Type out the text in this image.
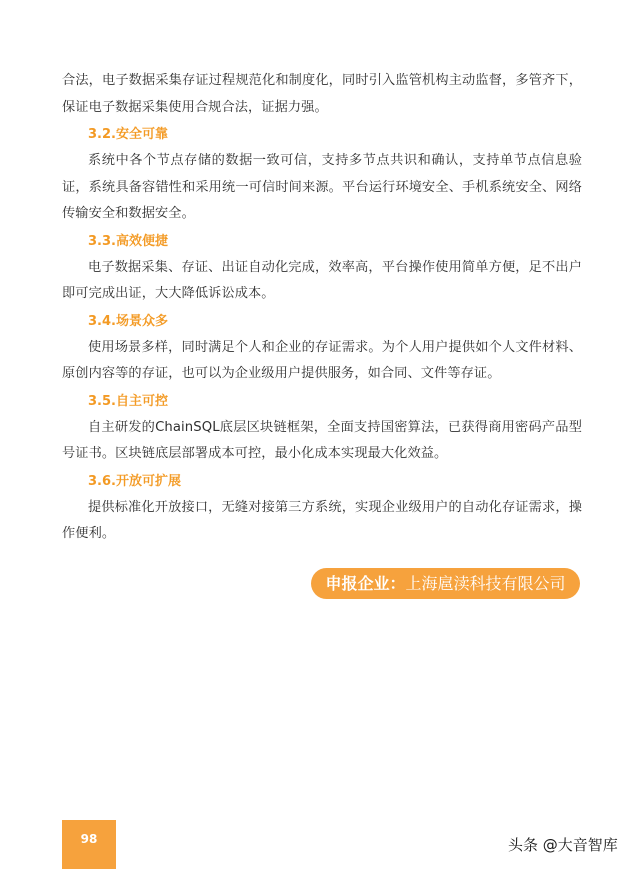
合法，电子数据采集存证过程规范化和制度化，同时引入监管机构主动监督，多管齐下，保证电子数据采集使用合规合法，证据力强。

3.2.安全可靠

系统中各个节点存储的数据一致可信，支持多节点共识和确认，支持单节点信息验证，系统具备容错性和采用统一可信时间来源。平台运行环境安全、手机系统安全、网络传输安全和数据安全。

3.3.高效便捷

电子数据采集、存证、出证自动化完成，效率高，平台操作使用简单方便，足不出户即可完成出证，大大降低诉讼成本。

3.4.场景众多

使用场景多样，同时满足个人和企业的存证需求。为个人用户提供如个人文件材料、原创内容等的存证，也可以为企业级用户提供服务，如合同、文件等存证。

3.5.自主可控

自主研发的ChainSQL底层区块链框架，全面支持国密算法，已获得商用密码产品型号证书。区块链底层部署成本可控，最小化成本实现最大化效益。

3.6.开放可扩展

提供标准化开放接口，无缝对接第三方系统，实现企业级用户的自动化存证需求，操作便利。

申报企业：上海扈渎科技有限公司
98	头条 @大音智库
